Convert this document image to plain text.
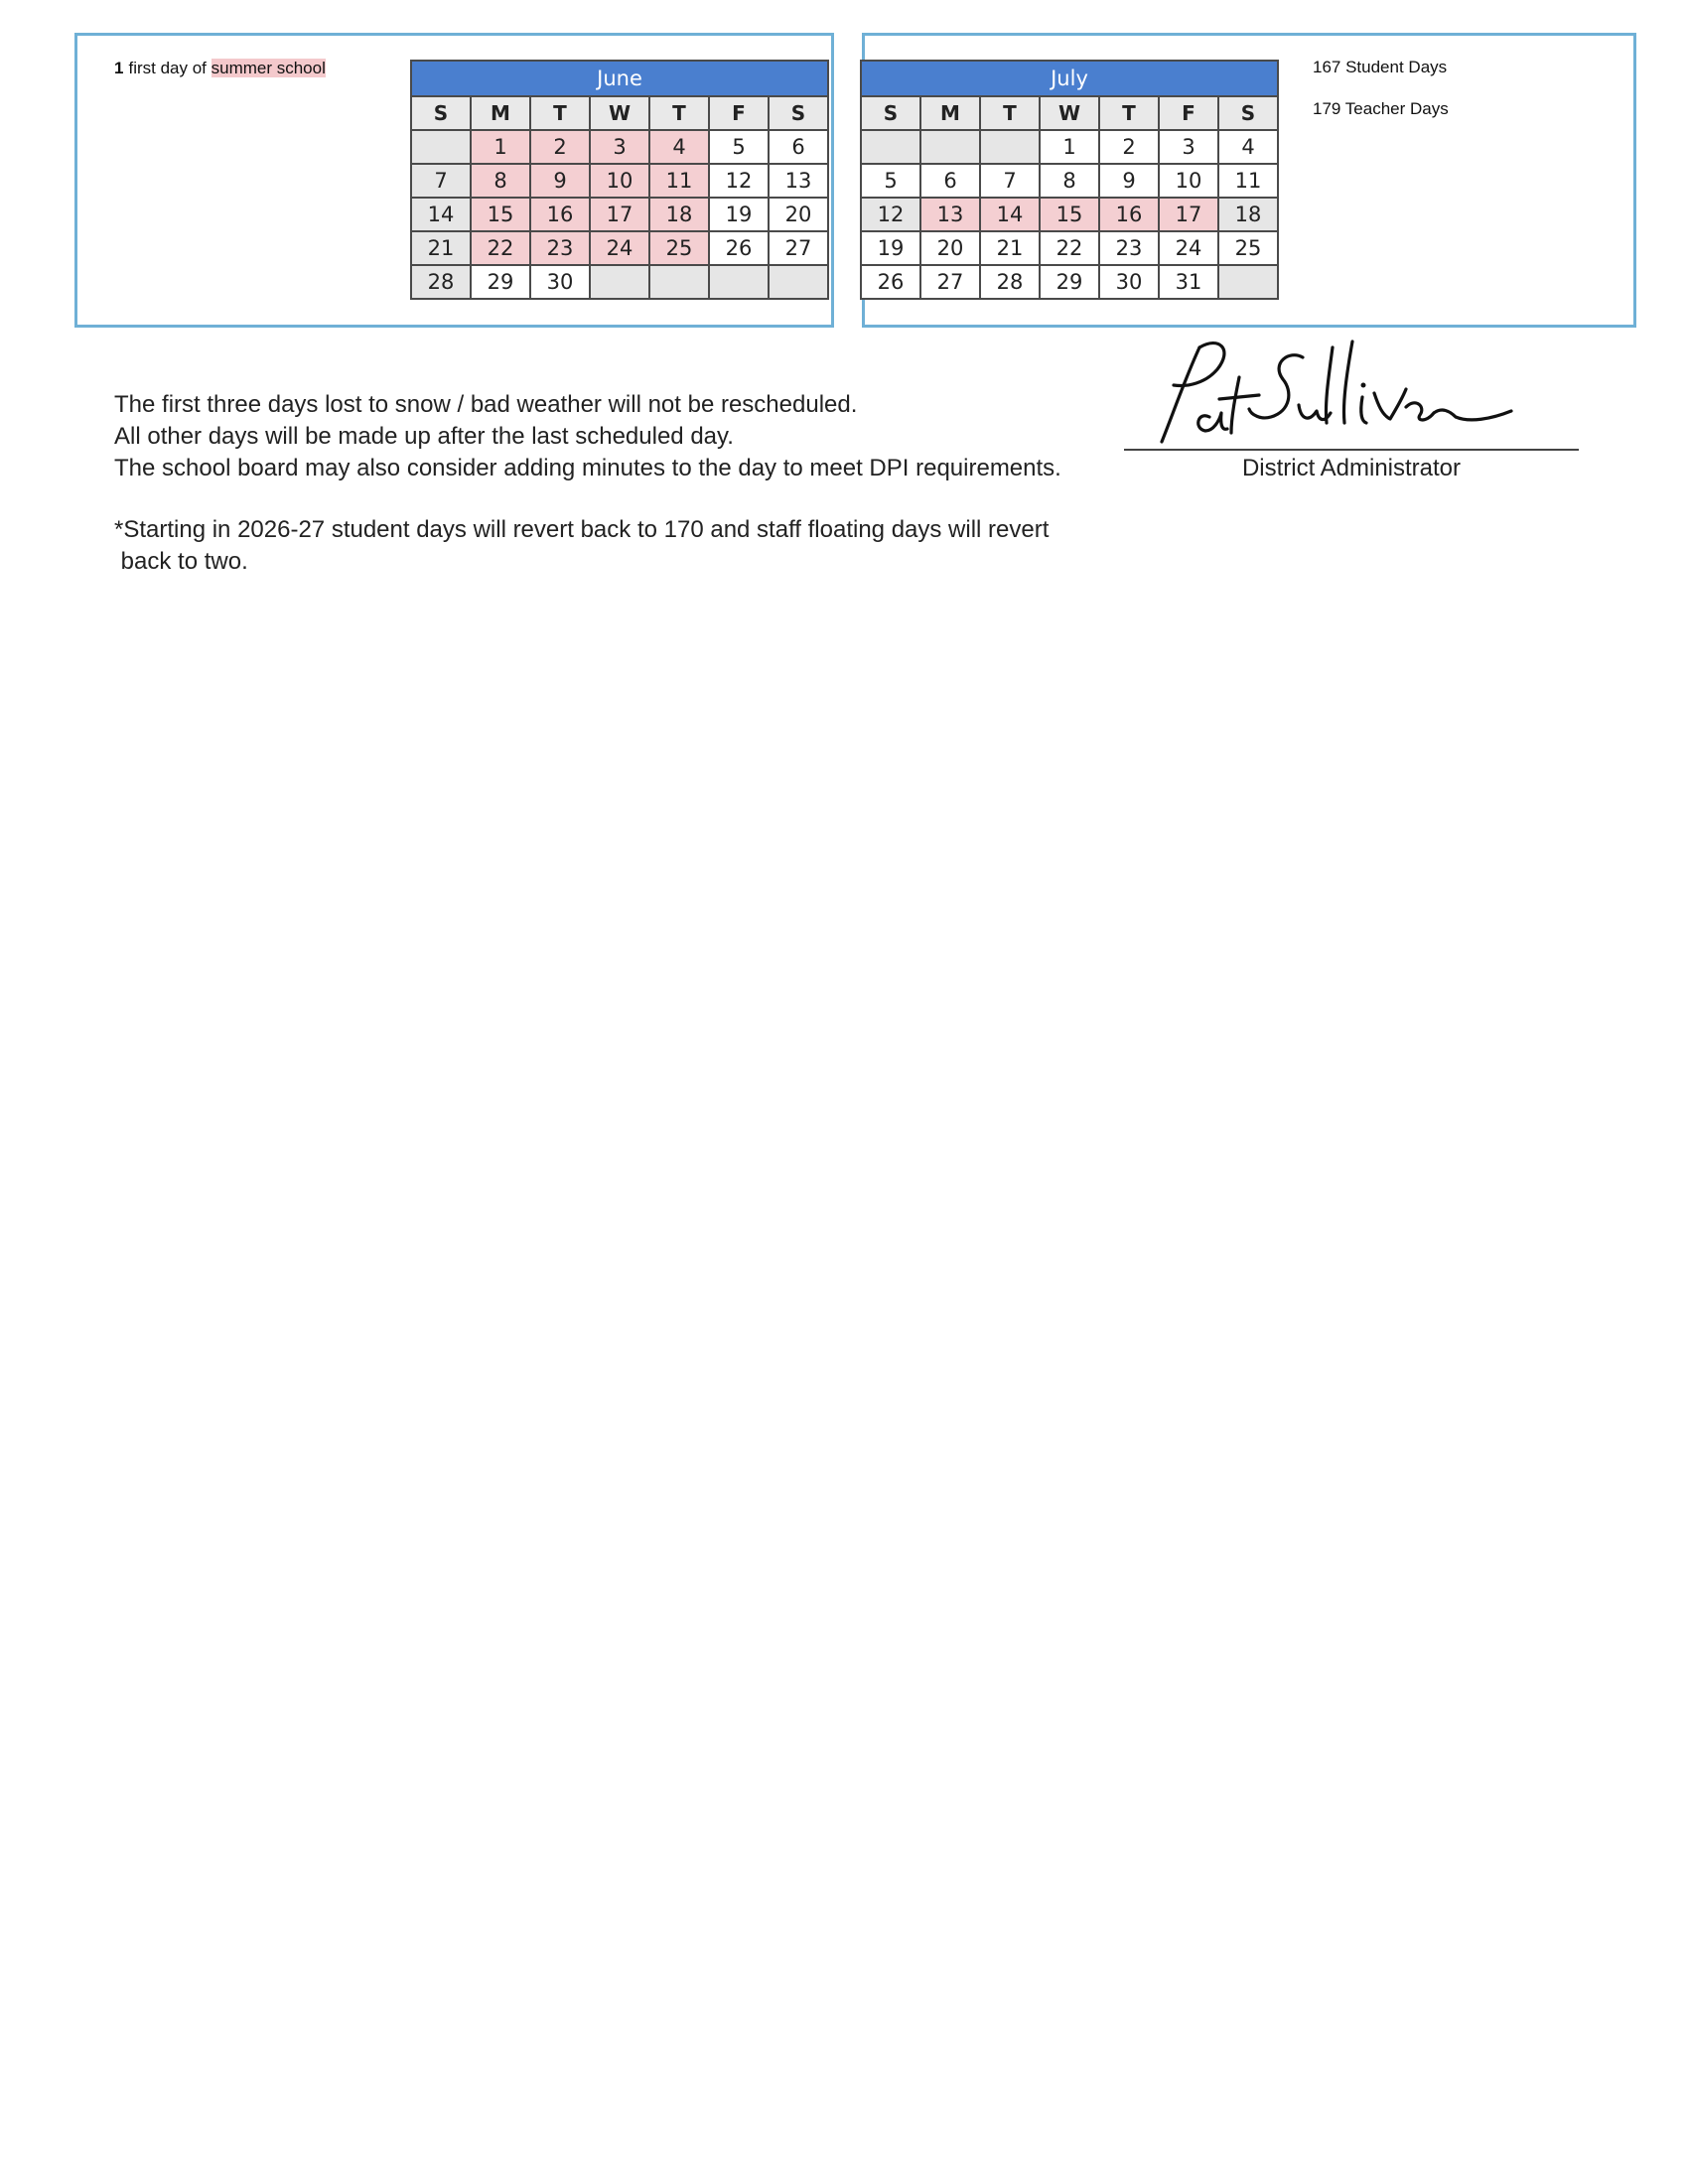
1 first day of summer school	June						
S	M	T	W	T	F	S
	1	2	3	4	5	6
7	8	9	10	11	12	13
14	15	16	17	18	19	20
21	22	23	24	25	26	27
28	29	30				
July						
S	M	T	W	T	F	S
			1	2	3	4
5	6	7	8	9	10	11
12	13	14	15	16	17	18
19	20	21	22	23	24	25
26	27	28	29	30	31	
167 Student Days
179 Teacher Days

The first three days lost to snow / bad weather will not be rescheduled.

All other days will be made up after the last scheduled day.

The school board may also consider adding minutes to the day to meet DPI requirements.

*Starting in 2026-27 student days will revert back to 170 and staff floating days will revert

back to two.

District Administrator
